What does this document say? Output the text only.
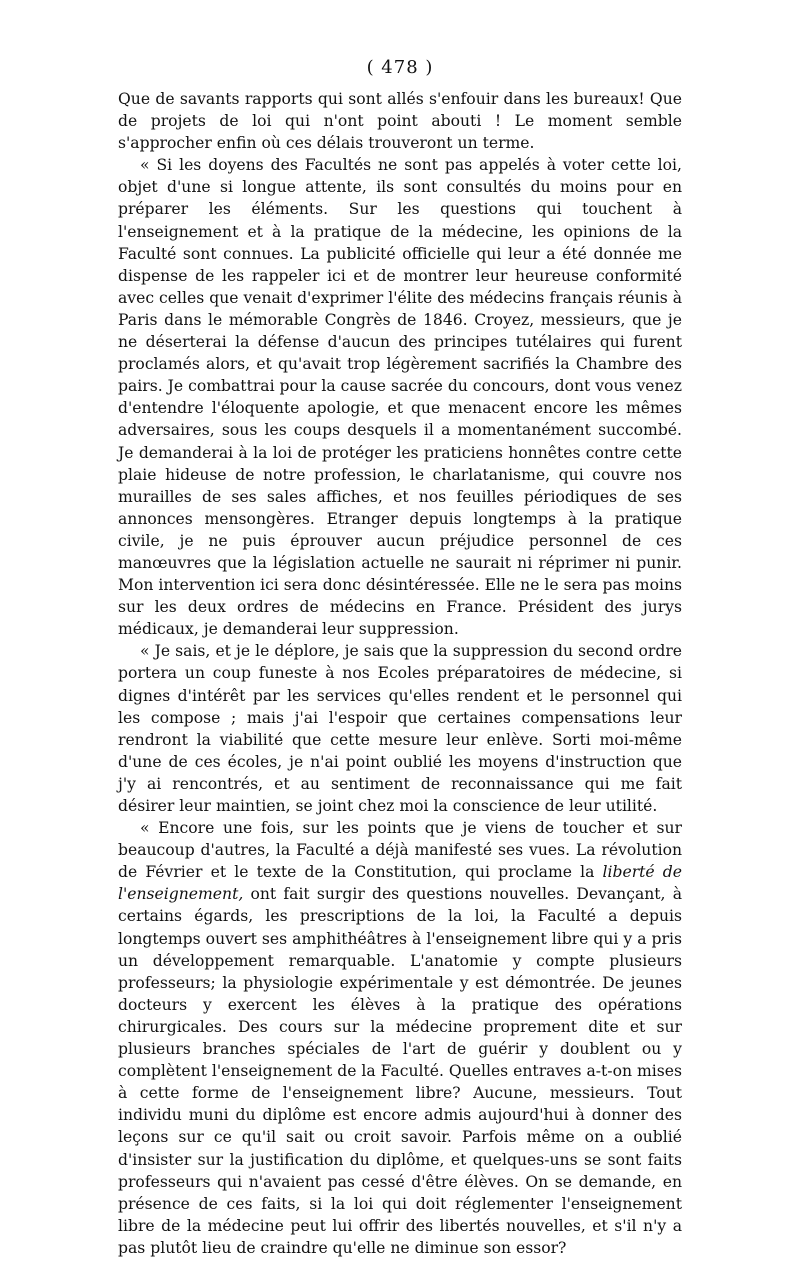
( 478 )

Que de savants rapports qui sont allés s'enfouir dans les bureaux! Que de projets de loi qui n'ont point abouti ! Le moment semble s'approcher enfin où ces délais trouveront un terme.

« Si les doyens des Facultés ne sont pas appelés à voter cette loi, objet d'une si longue attente, ils sont consultés du moins pour en préparer les éléments. Sur les questions qui touchent à l'enseignement et à la pratique de la médecine, les opinions de la Faculté sont connues. La publicité officielle qui leur a été donnée me dispense de les rappeler ici et de montrer leur heureuse conformité avec celles que venait d'exprimer l'élite des médecins français réunis à Paris dans le mémorable Congrès de 1846. Croyez, messieurs, que je ne déserterai la défense d'aucun des principes tutélaires qui furent proclamés alors, et qu'avait trop légèrement sacrifiés la Chambre des pairs. Je combattrai pour la cause sacrée du concours, dont vous venez d'entendre l'éloquente apologie, et que menacent encore les mêmes adversaires, sous les coups desquels il a momentanément succombé. Je demanderai à la loi de protéger les praticiens honnêtes contre cette plaie hideuse de notre profession, le charlatanisme, qui couvre nos murailles de ses sales affiches, et nos feuilles périodiques de ses annonces mensongères. Etranger depuis longtemps à la pratique civile, je ne puis éprouver aucun préjudice personnel de ces manœuvres que la législation actuelle ne saurait ni réprimer ni punir. Mon intervention ici sera donc désintéressée. Elle ne le sera pas moins sur les deux ordres de médecins en France. Président des jurys médicaux, je demanderai leur suppression.

« Je sais, et je le déplore, je sais que la suppression du second ordre portera un coup funeste à nos Ecoles préparatoires de médecine, si dignes d'intérêt par les services qu'elles rendent et le personnel qui les compose ; mais j'ai l'espoir que certaines compensations leur rendront la viabilité que cette mesure leur enlève. Sorti moi-même d'une de ces écoles, je n'ai point oublié les moyens d'instruction que j'y ai rencontrés, et au sentiment de reconnaissance qui me fait désirer leur maintien, se joint chez moi la conscience de leur utilité.

« Encore une fois, sur les points que je viens de toucher et sur beaucoup d'autres, la Faculté a déjà manifesté ses vues. La révolution de Février et le texte de la Constitution, qui proclame la liberté de l'enseignement, ont fait surgir des questions nouvelles. Devançant, à certains égards, les prescriptions de la loi, la Faculté a depuis longtemps ouvert ses amphithéâtres à l'enseignement libre qui y a pris un développement remarquable. L'anatomie y compte plusieurs professeurs; la physiologie expérimentale y est démontrée. De jeunes docteurs y exercent les élèves à la pratique des opérations chirurgicales. Des cours sur la médecine proprement dite et sur plusieurs branches spéciales de l'art de guérir y doublent ou y complètent l'enseignement de la Faculté. Quelles entraves a-t-on mises à cette forme de l'enseignement libre? Aucune, messieurs. Tout individu muni du diplôme est encore admis aujourd'hui à donner des leçons sur ce qu'il sait ou croit savoir. Parfois même on a oublié d'insister sur la justification du diplôme, et quelques-uns se sont faits professeurs qui n'avaient pas cessé d'être élèves. On se demande, en présence de ces faits, si la loi qui doit réglementer l'enseignement libre de la médecine peut lui offrir des libertés nouvelles, et s'il n'y a pas plutôt lieu de craindre qu'elle ne diminue son essor?
